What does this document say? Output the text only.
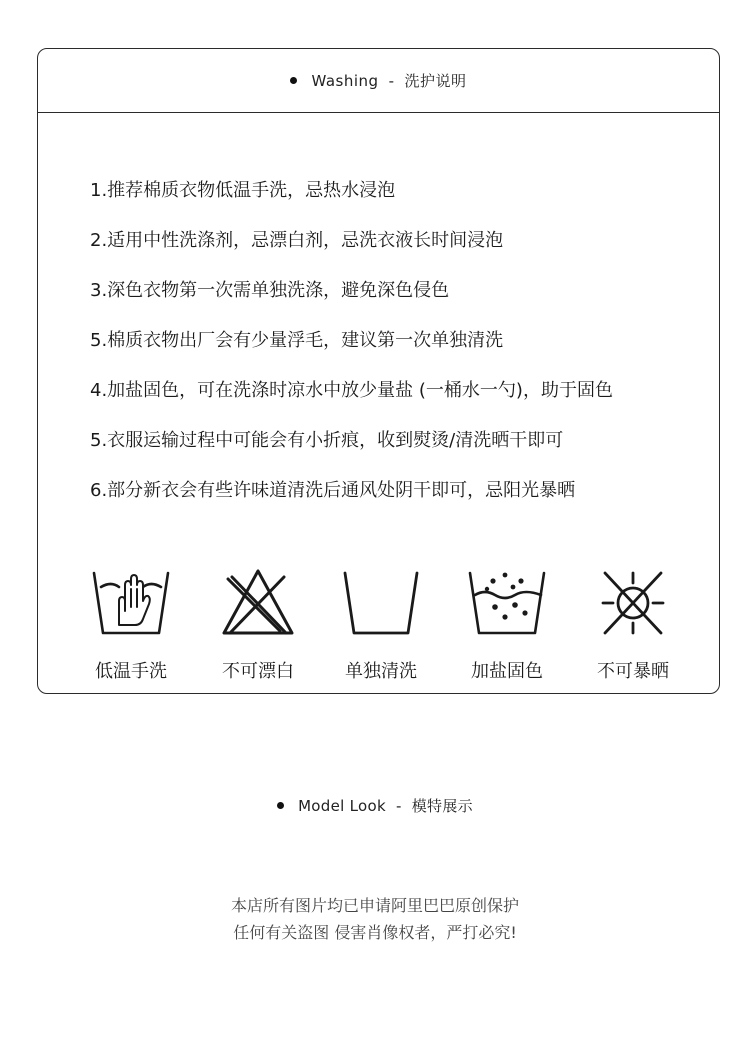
Washing - 洗护说明
1.推荐棉质衣物低温手洗，忌热水浸泡
2.适用中性洗涤剂，忌漂白剂，忌洗衣液长时间浸泡
3.深色衣物第一次需单独洗涤，避免深色侵色
5.棉质衣物出厂会有少量浮毛，建议第一次单独清洗
4.加盐固色，可在洗涤时凉水中放少量盐 (一桶水一勺)，助于固色
5.衣服运输过程中可能会有小折痕，收到熨烫/清洗晒干即可
6.部分新衣会有些许味道清洗后通风处阴干即可，忌阳光暴晒
低温手洗	不可漂白	单独清洗	加盐固色	不可暴晒
Model Look - 模特展示
本店所有图片均已申请阿里巴巴原创保护
任何有关盗图 侵害肖像权者，严打必究!
